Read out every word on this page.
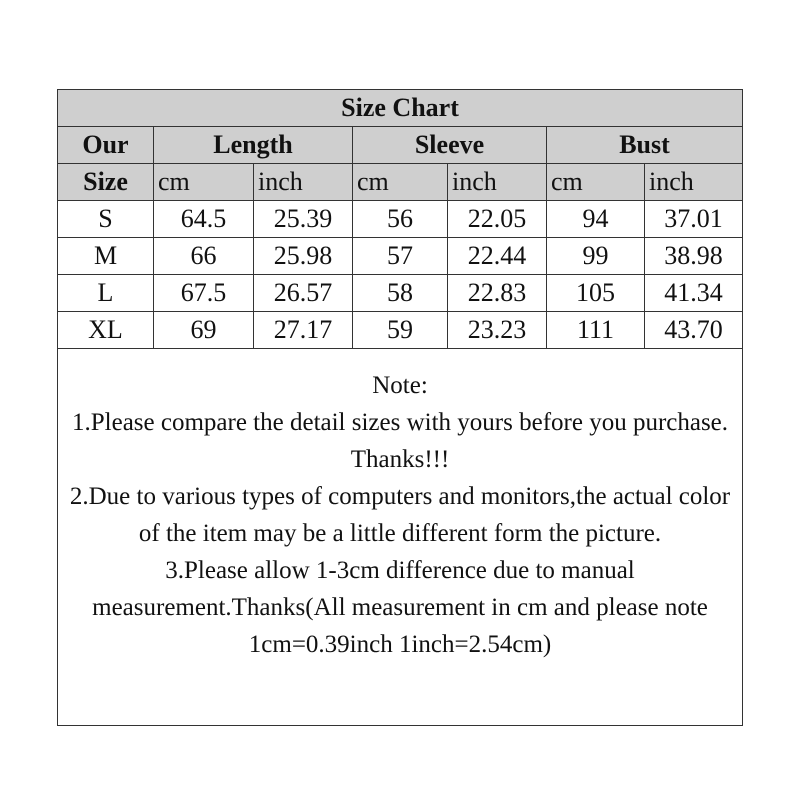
Size Chart						
Our	Length		Sleeve		Bust	
Size	cm	inch	cm	inch	cm	inch
S	64.5	25.39	56	22.05	94	37.01
M	66	25.98	57	22.44	99	38.98
L	67.5	26.57	58	22.83	105	41.34
XL	69	27.17	59	23.23	111	43.70

Note:
1.Please compare the detail sizes with yours before you purchase. Thanks!!!
2.Due to various types of computers and monitors,the actual color of the item may be a little different form the picture.
3.Please allow 1-3cm difference due to manual measurement.Thanks(All measurement in cm and please note 1cm=0.39inch 1inch=2.54cm)						
